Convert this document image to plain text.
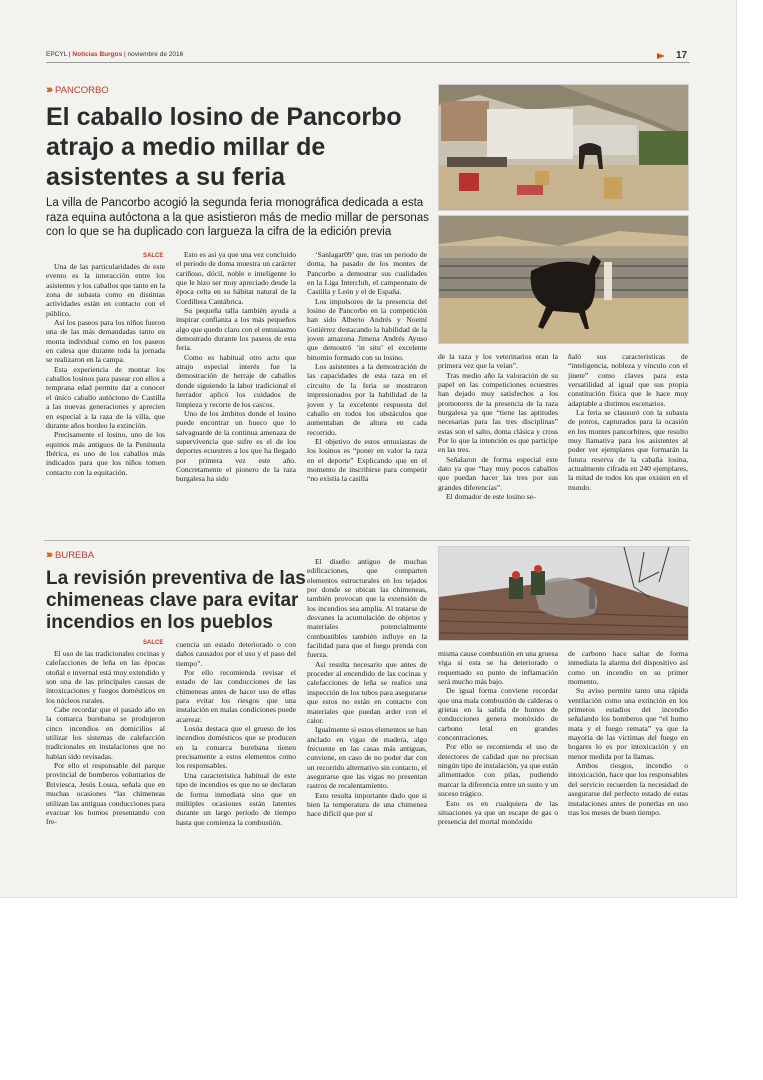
EPCYL | Noticias Burgos | noviembre de 2016	17
››› PANCORBO
El caballo losino de Pancorbo
atrajo a medio millar de
asistentes a su feria
La villa de Pancorbo acogió la segunda feria monográfica dedicada a esta
raza equina autóctona a la que asistieron más de medio millar de personas
con lo que se ha duplicado con largueza la cifra de la edición previa
SALCE

Una de las particularidades de este evento es la interacción entre los asistentes y los caballos que tanto en la zona de subasta como en distintas actividades están en contacto con el público.

Así los paseos para los niños fueron una de las más demandadas tanto en monta individual como en los paseos en calesa que durante toda la jornada se realizaron en la campa.

Esta experiencia de montar los caballos losinos para pasear con ellos a temprana edad permite dar a conocer el único caballo autóctono de Castilla a las nuevas generaciones y aprecien en especial a la raza de la villa, que durante años bordeo la extinción.

Precisamente el losino, uno de los equinos más antiguos de la Península Ibérica, es uno de los caballos más indicados para que los niños tomen contacto con la equitación.

Esto es así ya que una vez concluido el periodo de doma muestra un carácter cariñoso, dócil, noble e inteligente lo que le hizo ser muy apreciado desde la época celta en su hábitat natural de la Cordillera Cantábrica.

Su pequeña talla también ayuda a inspirar confianza a los más pequeños algo que quedo claro con el entusiasmo demostrado durante los paseos de esta feria.

Como es habitual otro acto que atrajo especial interés fue la demostración de herraje de caballos donde siguiendo la labor tradicional el herrador aplicó los cuidados de limpieza y recorte de los cascos.

Uno de los ámbitos donde el losino puede encontrar un hueco que lo salvaguarde de la continua amenaza de supervivencia que sufre es el de los deportes ecuestres a los que ha llegado por primera vez este año. Concretamente el pionero de la raza burgalesa ha sido

‘Sanlagar09’ que, tras un periodo de doma, ha pasado de los montes de Pancorbo a demostrar sus cualidades en la Liga Interclub, el campeonato de Castilla y León y el de España.

Los impulsores de la presencia del losino de Pancorbo en la competición han sido Alberto Andrés y Noemí Gutiérrez destacando la habilidad de la joven amazona Jimena Andrés Ayuso que demostró ‘in situ’ el excelente binomio formado con su losino.

Los asistentes a la demostración de las capacidades de esta raza en el circuito de la feria se mostraron impresionados por la habilidad de la joven y la excelente respuesta del caballo en todos los obstáculos que aumentaban de altura en cada recorrido.

El objetivo de estos entusiastas de los losinos es “poner en valor la raza en el deporte” Explicando que en el momento de inscribirse para competir “no existía la casilla

de la raza y los veterinarios eran la primera vez que la veían”.

Tras medio año la valoración de su papel en las competiciones ecuestres han dejado muy satisfechos a los promotores de la presencia de la raza burgalesa ya que “tiene las aptitudes necesarias para las tres disciplinas” estas son el salto, doma clásica y cross Por lo que la intención es que participe en las tres.

Señalaron de forma especial este dato ya que “hay muy pocos caballos que puedan hacer las tres por sus grandes diferencias”.

El domador de este losino se-

ñaló sus características de “inteligencia, nobleza y vínculo con el jinete” como claves para esta versatilidad al igual que sus propia constitución física que le hace muy adaptable a distintos escenarios.

La feria se clausuró con la subasta de potros, capturados para la ocasión en los montes pancorbinos, que resulto muy llamativa para los asistentes al poder ver ejemplares que formarán la futura reserva de la cabaña losina, actualmente cifrada en 240 ejemplares, la mitad de todos los que existen en el mundo.

››› BUREBA
La revisión preventiva de las
chimeneas clave para evitar
incendios en los pueblos
SALCE

El uso de las tradicionales cocinas y calefacciones de leña en las épocas otoñal e invernal está muy extendido y son una de las principales causas de intoxicaciones y fuegos domésticos en los núcleos rurales.

Cabe recordar que el pasado año en la comarca burebana se produjeron cinco incendios en domicilios al utilizar los sistemas de calefacción tradicionales en instalaciones que no habían sido revisadas.

Por ello el responsable del parque provincial de bomberos voluntarios de Briviesca, Jesús Losua, señala que en muchas ocasiones “las chimeneas utilizan las antiguas conducciones para evacuar los humos presentando con fre-

cuencia un estado deteriorado o con daños causados por el uso y el paso del tiempo”.

Por ello recomienda revisar el estado de las conducciones de las chimeneas antes de hacer uso de ellas para evitar los riesgos que una instalación en malas condiciones puede acarrear.

Losúa destaca que el grueso de los incendios domésticos que se producen en la comarca burebana tienen precisamente a estos elementos como los responsables.

Una característica habitual de este tipo de incendios es que no se declaran de forma inmediata sino que en múltiples ocasiones están latentes durante un largo periodo de tiempo hasta que comienza la combustión.

El diseño antiguo de muchas edificaciones, que comparten elementos estructurales en los tejados por donde se ubican las chimeneas, también provocan que la extensión de los incendios sea amplia. Al tratarse de desvanes la acumulación de objetos y materiales potencialmente combustibles también influye en la facilidad para que el fuego prenda con fuerza.

Así resulta necesario que antes de proceder al encendido de las cocinas y calefacciones de leña se realice una inspección de los tubos para asegurarse que estos no están en contacto con materiales que puedan arder con el calor.

Igualmente si estos elementos se han anclado en vigas de madera, algo frecuente en las casas más antiguas, conviene, en caso de no poder dar con un recorrido alternativo sin contacto, el asegurarse que las vigas no presentan rastros de recalentamiento.

Esto resulta importante dado que si bien la temperatura de una chimenea hace difícil que por sí

misma cause combustión en una gruesa viga si esta se ha deteriorado o requemado su punto de inflamación será mucho más bajo.

De igual forma conviene recordar que una mala combustión de calderas o grietas en la salida de humos de conducciones genera monóxido de carbono letal en grandes concentraciones.

Por ello se recomienda el uso de detectores de calidad que no precisan ningún tipo de instalación, ya que están alimentados con pilas, pudiendo marcar la diferencia entre un susto y un suceso trágico.

Esto es en cualquiera de las situaciones ya que un escape de gas o presencia del mortal monóxido

de carbono hace saltar de forma inmediata la alarma del dispositivo así como un incendio en su primer momento.

Su aviso permite tanto una rápida ventilación como una extinción en los primeros estadios del incendio señalando los bomberos que “el humo mata y el fuego remata” ya que la mayoria de las victimas del fuego en hogares lo es por intoxicación y en menor medida por la llamas.

Ambos riesgos, incendio o intoxicación, hace que los responsables del servicio recuerden la necesidad de asegurarse del perfecto estado de estas instalaciones antes de ponerlas en uso tras los meses de buen tiempo.
